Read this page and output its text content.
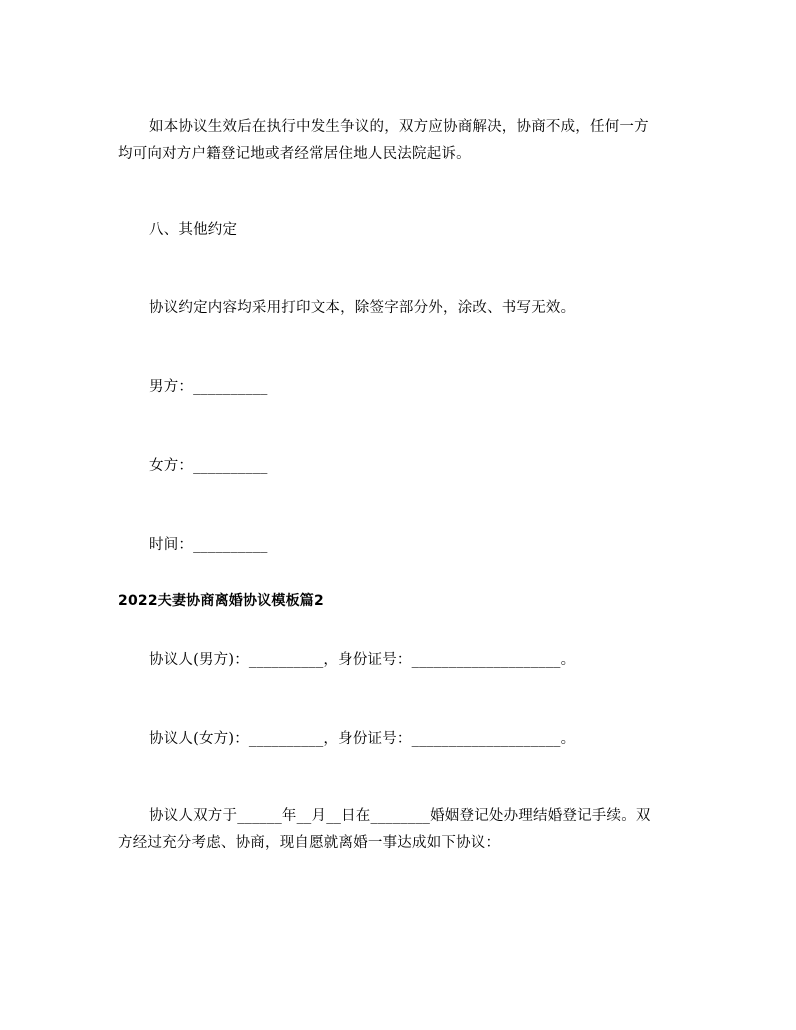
如本协议生效后在执行中发生争议的，双方应协商解决，协商不成，任何一方
均可向对方户籍登记地或者经常居住地人民法院起诉。
八、其他约定
协议约定内容均采用打印文本，除签字部分外，涂改、书写无效。
男方：__________
女方：__________
时间：__________
2022夫妻协商离婚协议模板篇2
协议人(男方)：__________，身份证号：____________________。
协议人(女方)：__________，身份证号：____________________。
协议人双方于______年__月__日在________婚姻登记处办理结婚登记手续。双
方经过充分考虑、协商，现自愿就离婚一事达成如下协议：
